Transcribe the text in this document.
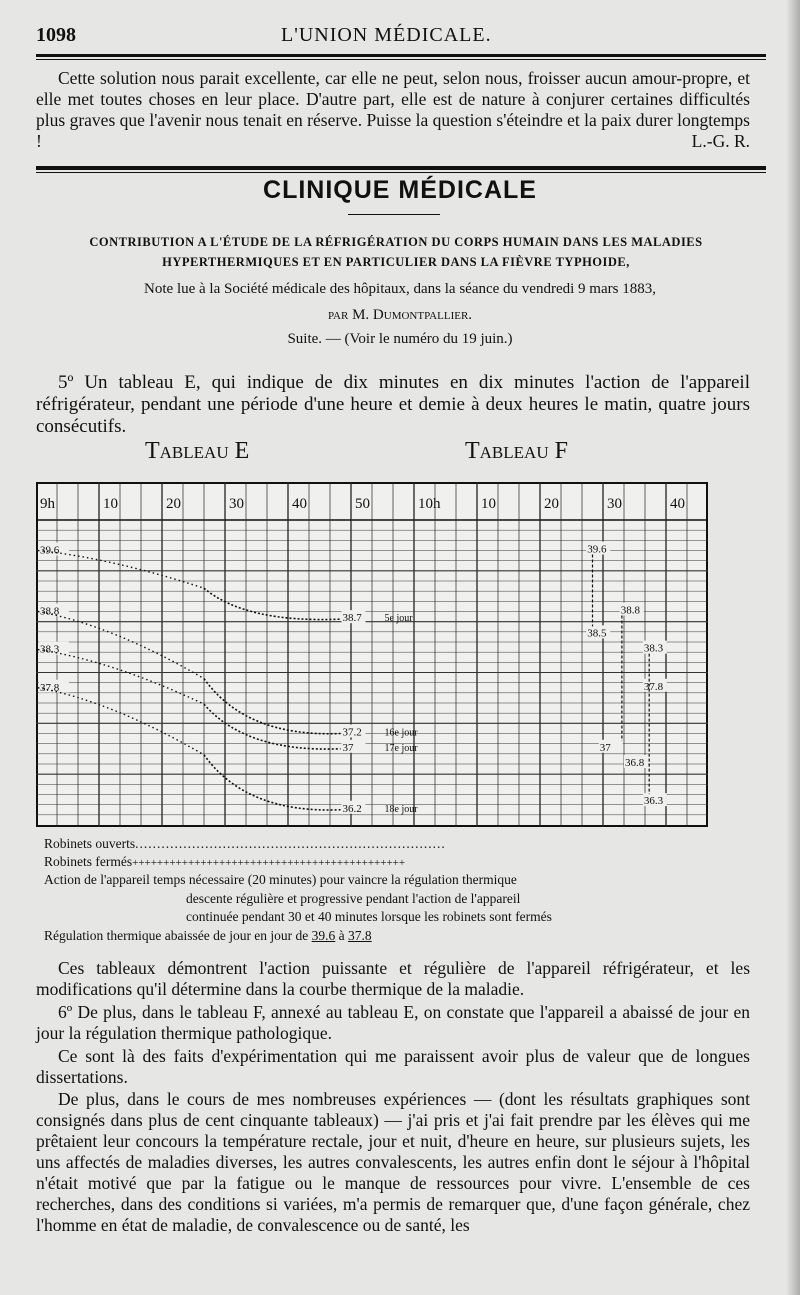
1098	L'UNION MÉDICALE.

Cette solution nous parait excellente, car elle ne peut, selon nous, froisser aucun amour-propre, et elle met toutes choses en leur place. D'autre part, elle est de nature à conjurer certaines difficultés plus graves que l'avenir nous tenait en réserve. Puisse la question s'éteindre et la paix durer longtemps !	L.-G. R.

CLINIQUE MÉDICALE
CONTRIBUTION A L'ÉTUDE DE LA RÉFRIGÉRATION DU CORPS HUMAIN DANS LES MALADIES HYPERTHERMIQUES ET EN PARTICULIER DANS LA FIÈVRE TYPHOIDE,
Note lue à la Société médicale des hôpitaux, dans la séance du vendredi 9 mars 1883,
par M. Dumontpallier.
Suite. — (Voir le numéro du 19 juin.)

5º Un tableau E, qui indique de dix minutes en dix minutes l'action de l'appareil réfrigérateur, pendant une période d'une heure et demie à deux heures le matin, quatre jours consécutifs.

Tableau E	Tableau F
9h	10	20	30	40	50	10h	10	20	30	40
39.6
38.8
38.3
37.8
38.7 5e jour
37.2 16e jour
37	17e jour
36.2 18e jour
39.6
38.8
38.5
38.3
37.8
37
36.8
36.3
Robinets ouverts.......................................................................
Robinets fermés++++++++++++++++++++++++++++++++++++++++++++
Action de l'appareil temps nécessaire (20 minutes) pour vaincre la régulation thermique
descente régulière et progressive pendant l'action de l'appareil
continuée pendant 30 et 40 minutes lorsque les robinets sont fermés
Régulation thermique abaissée de jour en jour de 39.6 à 37.8

Ces tableaux démontrent l'action puissante et régulière de l'appareil réfrigérateur, et les modifications qu'il détermine dans la courbe thermique de la maladie.

6º De plus, dans le tableau F, annexé au tableau E, on constate que l'appareil a abaissé de jour en jour la régulation thermique pathologique.

Ce sont là des faits d'expérimentation qui me paraissent avoir plus de valeur que de longues dissertations.

De plus, dans le cours de mes nombreuses expériences — (dont les résultats graphiques sont consignés dans plus de cent cinquante tableaux) — j'ai pris et j'ai fait prendre par les élèves qui me prêtaient leur concours la température rectale, jour et nuit, d'heure en heure, sur plusieurs sujets, les uns affectés de maladies diverses, les autres convalescents, les autres enfin dont le séjour à l'hôpital n'était motivé que par la fatigue ou le manque de ressources pour vivre. L'ensemble de ces recherches, dans des conditions si variées, m'a permis de remarquer que, d'une façon générale, chez l'homme en état de maladie, de convalescence ou de santé, les
